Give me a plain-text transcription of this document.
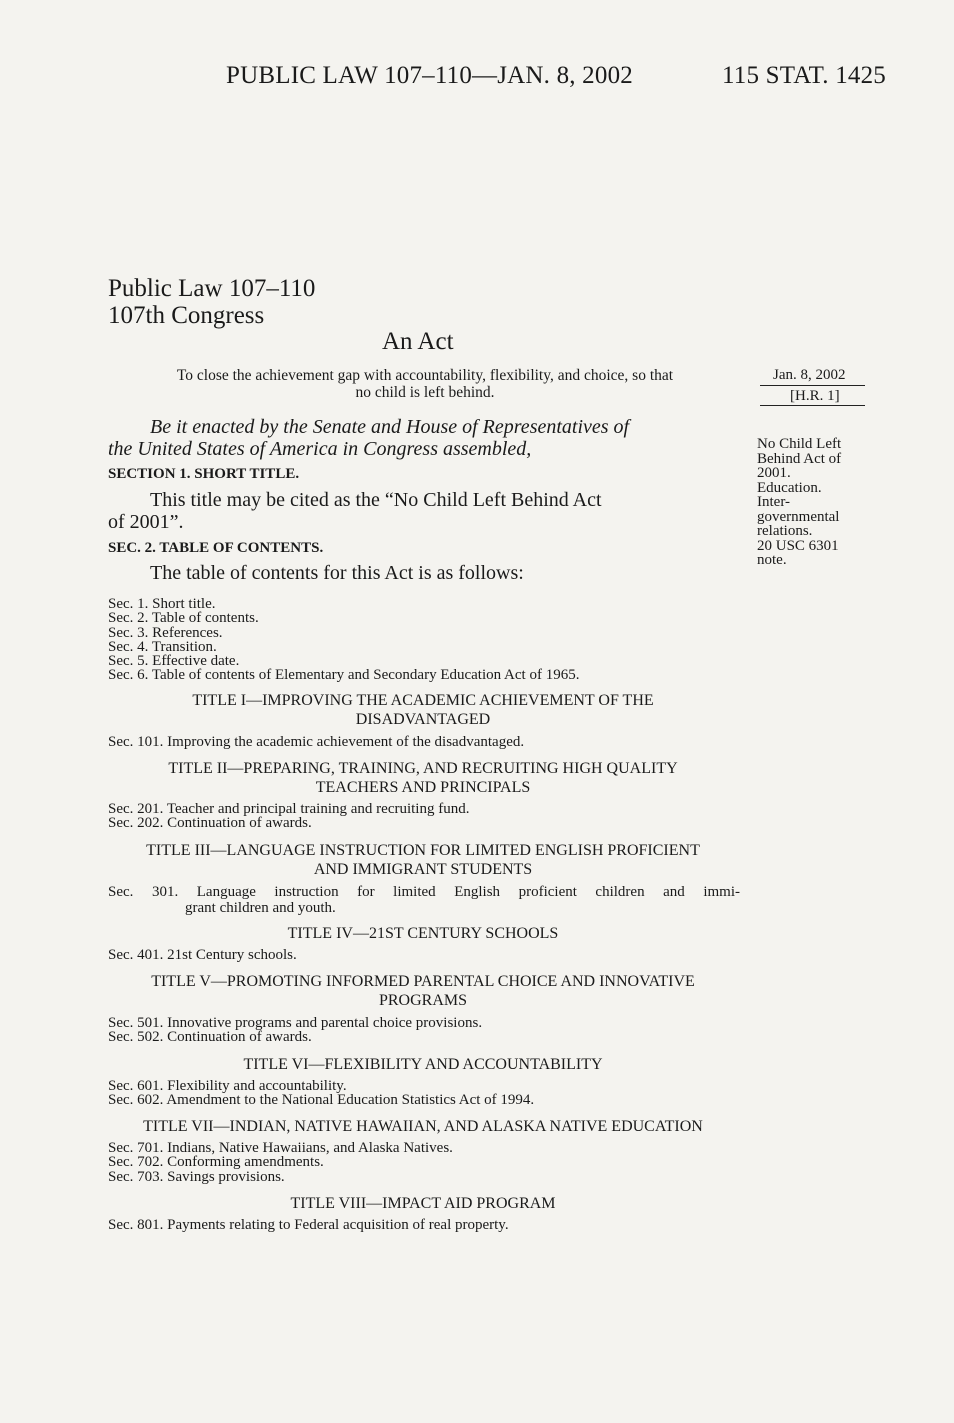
PUBLIC LAW 107–110—JAN. 8, 2002	115 STAT. 1425
Public Law 107–110
107th Congress
An Act
To close the achievement gap with accountability, flexibility, and choice, so that
no child is left behind.
Jan. 8, 2002
[H.R. 1]
Be it enacted by the Senate and House of Representatives of
the United States of America in Congress assembled,	No Child Left
Behind Act of
2001.
Education.
Inter-
governmental
relations.
20 USC 6301
note.
SECTION 1. SHORT TITLE.
This title may be cited as the “No Child Left Behind Act
of 2001”.
SEC. 2. TABLE OF CONTENTS.
The table of contents for this Act is as follows:
Sec. 1. Short title.
Sec. 2. Table of contents.
Sec. 3. References.
Sec. 4. Transition.
Sec. 5. Effective date.
Sec. 6. Table of contents of Elementary and Secondary Education Act of 1965.
TITLE I—IMPROVING THE ACADEMIC ACHIEVEMENT OF THE
DISADVANTAGED
Sec. 101. Improving the academic achievement of the disadvantaged.
TITLE II—PREPARING, TRAINING, AND RECRUITING HIGH QUALITY
TEACHERS AND PRINCIPALS
Sec. 201. Teacher and principal training and recruiting fund.
Sec. 202. Continuation of awards.
TITLE III—LANGUAGE INSTRUCTION FOR LIMITED ENGLISH PROFICIENT
AND IMMIGRANT STUDENTS
Sec. 301. Language instruction for limited English proficient children and immi-
grant children and youth.
TITLE IV—21ST CENTURY SCHOOLS
Sec. 401. 21st Century schools.
TITLE V—PROMOTING INFORMED PARENTAL CHOICE AND INNOVATIVE
PROGRAMS
Sec. 501. Innovative programs and parental choice provisions.
Sec. 502. Continuation of awards.
TITLE VI—FLEXIBILITY AND ACCOUNTABILITY
Sec. 601. Flexibility and accountability.
Sec. 602. Amendment to the National Education Statistics Act of 1994.
TITLE VII—INDIAN, NATIVE HAWAIIAN, AND ALASKA NATIVE EDUCATION
Sec. 701. Indians, Native Hawaiians, and Alaska Natives.
Sec. 702. Conforming amendments.
Sec. 703. Savings provisions.
TITLE VIII—IMPACT AID PROGRAM
Sec. 801. Payments relating to Federal acquisition of real property.
